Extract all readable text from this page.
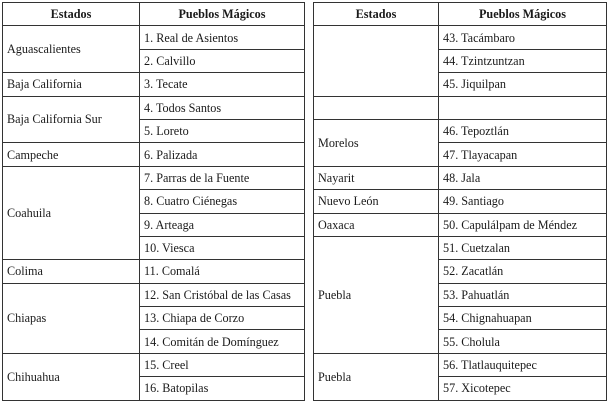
Estados	Pueblos Mágicos
Aguascalientes	1. Real de Asientos
	2. Calvillo
Baja California	3. Tecate
Baja California Sur	4. Todos Santos
	5. Loreto
Campeche	6. Palizada
Coahuila	7. Parras de la Fuente
	8. Cuatro Ciénegas
	9. Arteaga
	10. Viesca
Colima	11. Comalá
Chiapas	12. San Cristóbal de las Casas
	13. Chiapa de Corzo
	14. Comitán de Domínguez
Chihuahua	15. Creel
	16. Batopilas
Estados	Pueblos Mágicos
	43. Tacámbaro
	44. Tzintzuntzan
	45. Jiquilpan

Morelos	46. Tepoztlán
	47. Tlayacapan
Nayarit	48. Jala
Nuevo León	49. Santiago
Oaxaca	50. Capulálpam de Méndez
Puebla	51. Cuetzalan
	52. Zacatlán
	53. Pahuatlán
	54. Chignahuapan
	55. Cholula
Puebla	56. Tlatlauquitepec
	57. Xicotepec
